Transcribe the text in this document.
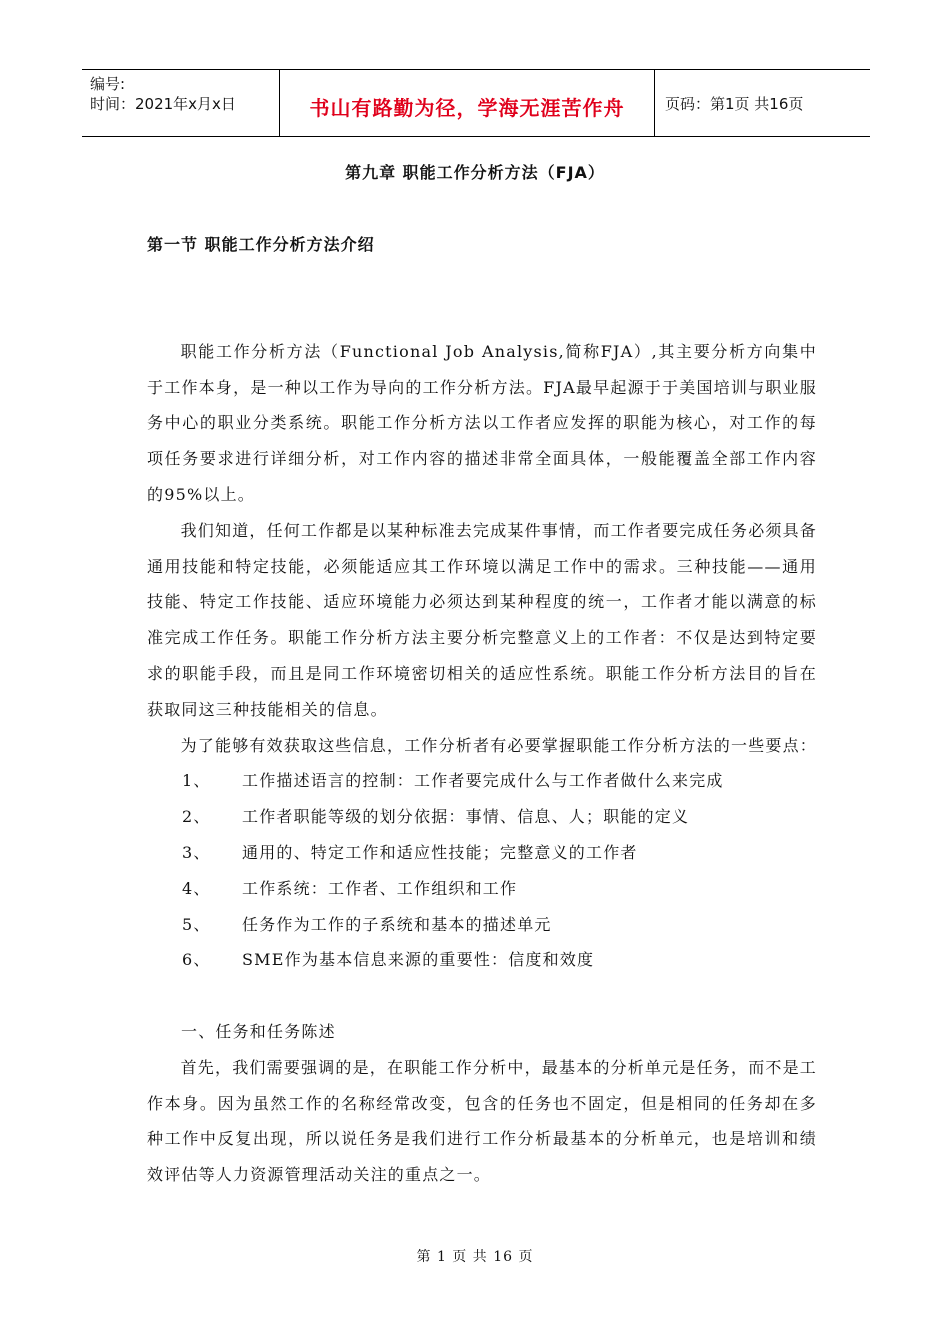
编号:
时间：2021年x月x日	书山有路勤为径，学海无涯苦作舟	页码：第1页 共16页
第九章 职能工作分析方法（FJA）
第一节 职能工作分析方法介绍

职能工作分析方法（Functional Job Analysis,简称FJA）,其主要分析方向集中于工作本身，是一种以工作为导向的工作分析方法。FJA最早起源于于美国培训与职业服务中心的职业分类系统。职能工作分析方法以工作者应发挥的职能为核心，对工作的每项任务要求进行详细分析，对工作内容的描述非常全面具体，一般能覆盖全部工作内容的95%以上。

我们知道，任何工作都是以某种标准去完成某件事情，而工作者要完成任务必须具备通用技能和特定技能，必须能适应其工作环境以满足工作中的需求。三种技能——通用技能、特定工作技能、适应环境能力必须达到某种程度的统一，工作者才能以满意的标准完成工作任务。职能工作分析方法主要分析完整意义上的工作者：不仅是达到特定要求的职能手段，而且是同工作环境密切相关的适应性系统。职能工作分析方法目的旨在获取同这三种技能相关的信息。

为了能够有效获取这些信息，工作分析者有必要掌握职能工作分析方法的一些要点：

1、	工作描述语言的控制：工作者要完成什么与工作者做什么来完成
2、	工作者职能等级的划分依据：事情、信息、人；职能的定义
3、	通用的、特定工作和适应性技能；完整意义的工作者
4、	工作系统：工作者、工作组织和工作
5、	任务作为工作的子系统和基本的描述单元
6、	SME作为基本信息来源的重要性：信度和效度
一、任务和任务陈述

首先，我们需要强调的是，在职能工作分析中，最基本的分析单元是任务，而不是工作本身。因为虽然工作的名称经常改变，包含的任务也不固定，但是相同的任务却在多种工作中反复出现，所以说任务是我们进行工作分析最基本的分析单元，也是培训和绩效评估等人力资源管理活动关注的重点之一。

第 1 页 共 16 页
